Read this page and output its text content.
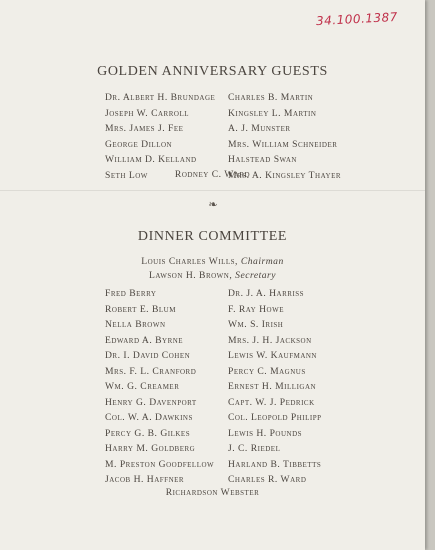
34.100.1387
GOLDEN ANNIVERSARY GUESTS
Dr. Albert H. Brundage
Joseph W. Carroll
Mrs. James J. Fee
George Dillon
William D. Kelland
Seth Low
Charles B. Martin
Kingsley L. Martin
A. J. Munster
Mrs. William Schneider
Halstead Swan
Mrs. A. Kingsley Thayer
Rodney C. Ward
❧
DINNER COMMITTEE
Louis Charles Wills, Chairman
Lawson H. Brown, Secretary
Fred Berry
Robert E. Blum
Nella Brown
Edward A. Byrne
Dr. I. David Cohen
Mrs. F. L. Cranford
Wm. G. Creamer
Henry G. Davenport
Col. W. A. Dawkins
Percy G. B. Gilkes
Harry M. Goldberg
M. Preston Goodfellow
Jacob H. Haffner
Dr. J. A. Harriss
F. Ray Howe
Wm. S. Irish
Mrs. J. H. Jackson
Lewis W. Kaufmann
Percy C. Magnus
Ernest H. Milligan
Capt. W. J. Pedrick
Col. Leopold Philipp
Lewis H. Pounds
J. C. Riedel
Harland B. Tibbetts
Charles R. Ward
Richardson Webster
